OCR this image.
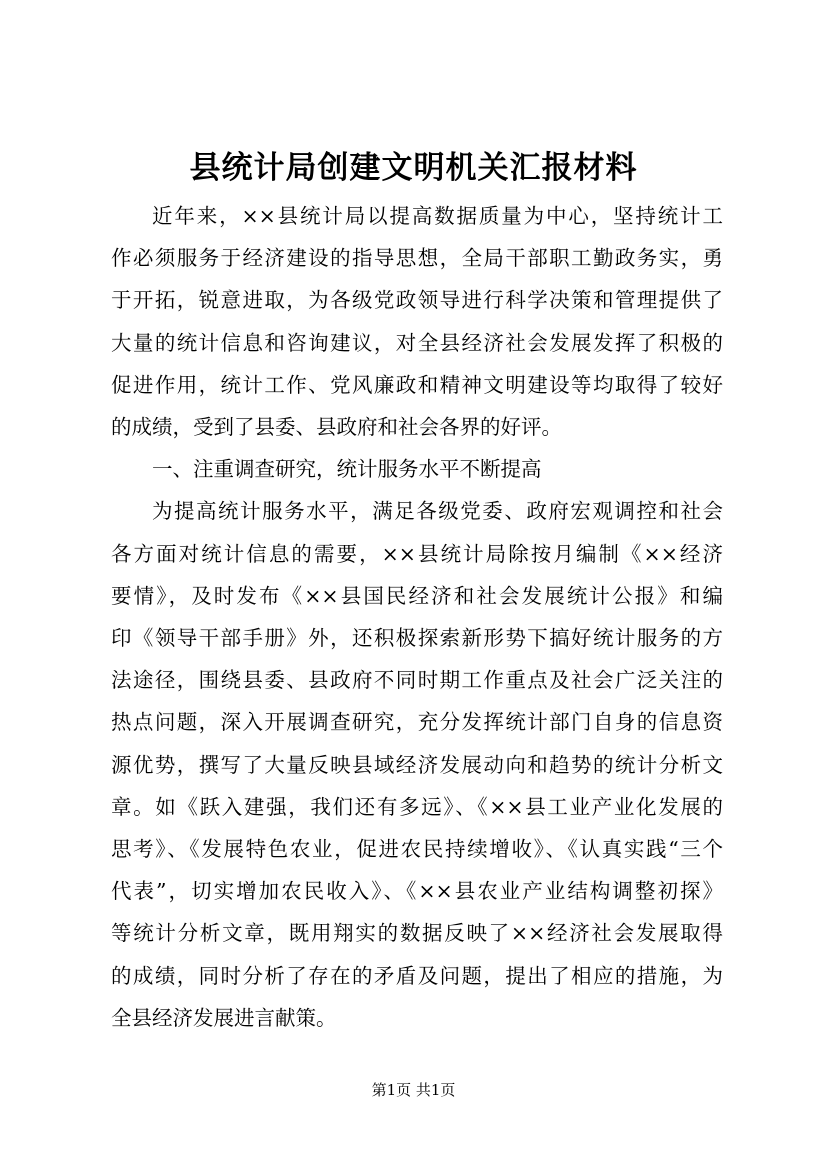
县统计局创建文明机关汇报材料
近年来，××县统计局以提高数据质量为中心，坚持统计工
作必须服务于经济建设的指导思想，全局干部职工勤政务实，勇
于开拓，锐意进取，为各级党政领导进行科学决策和管理提供了
大量的统计信息和咨询建议，对全县经济社会发展发挥了积极的
促进作用，统计工作、党风廉政和精神文明建设等均取得了较好
的成绩，受到了县委、县政府和社会各界的好评。
一、注重调查研究，统计服务水平不断提高
为提高统计服务水平，满足各级党委、政府宏观调控和社会
各方面对统计信息的需要，××县统计局除按月编制《××经济
要情》，及时发布《××县国民经济和社会发展统计公报》和编
印《领导干部手册》外，还积极探索新形势下搞好统计服务的方
法途径，围绕县委、县政府不同时期工作重点及社会广泛关注的
热点问题，深入开展调查研究，充分发挥统计部门自身的信息资
源优势，撰写了大量反映县域经济发展动向和趋势的统计分析文
章。如《跃入建强，我们还有多远》、《××县工业产业化发展的
思考》、《发展特色农业，促进农民持续增收》、《认真实践“三个
代表”，切实增加农民收入》、《××县农业产业结构调整初探》
等统计分析文章，既用翔实的数据反映了××经济社会发展取得
的成绩，同时分析了存在的矛盾及问题，提出了相应的措施，为
全县经济发展进言献策。
第1页 共1页
